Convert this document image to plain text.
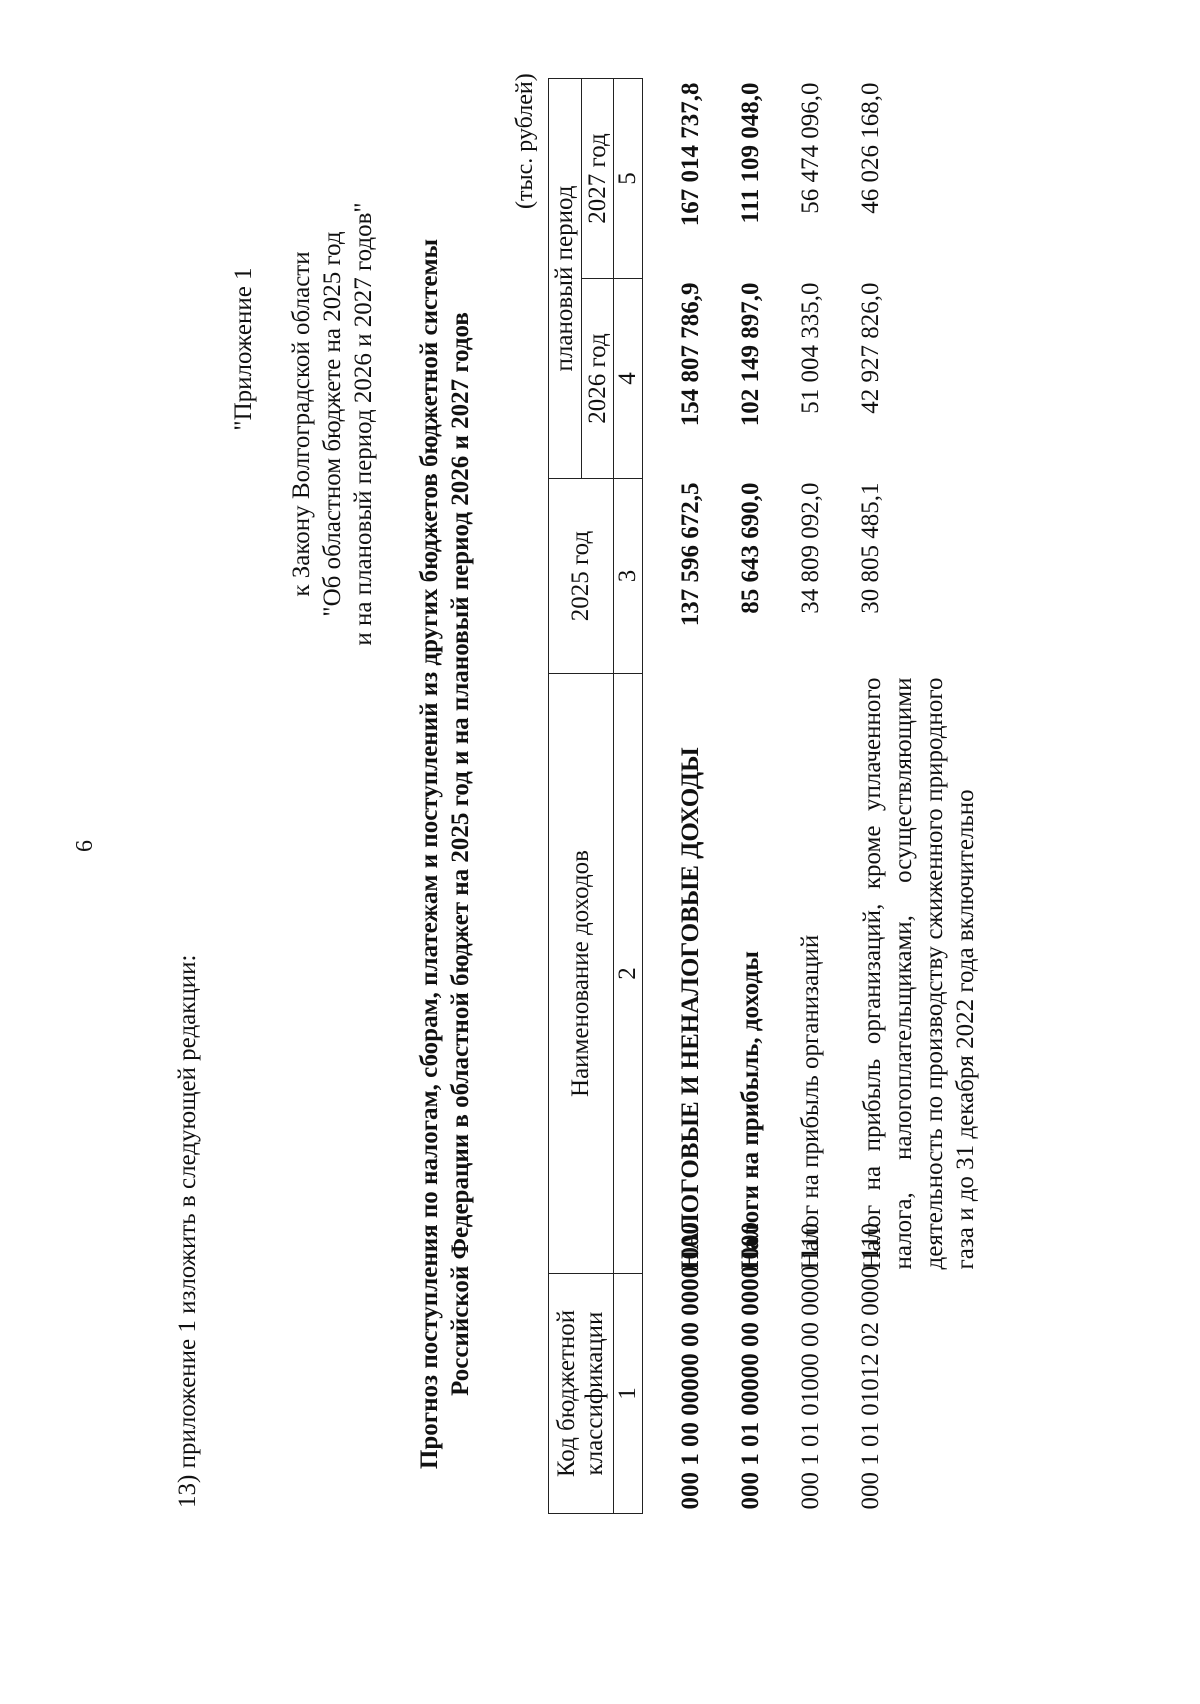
6
13) приложение 1 изложить в следующей редакции:
"Приложение 1 к Закону Волгоградской области "Об областном бюджете на 2025 год и на плановый период 2026 и 2027 годов" Прогноз поступления по налогам, сборам, платежам и поступлений из других бюджетов бюджетной системы Российской Федерации в областной бюджет на 2025 год и на плановый период 2026 и 2027 годов
(тыс. рублей)
Код бюджетной классификации	Наименование доходов	2025 год	плановый период	
			2026 год	2027 год
1	2	3	4	5

000 1 00 00000 00 0000 000	НАЛОГОВЫЕ И НЕНАЛОГОВЫЕ ДОХОДЫ	137 596 672,5	154 807 786,9	167 014 737,8
000 1 01 00000 00 0000 000	Налоги на прибыль, доходы	85 643 690,0	102 149 897,0	111 109 048,0
000 1 01 01000 00 0000 110	Налог на прибыль организаций	34 809 092,0	51 004 335,0	56 474 096,0
000 1 01 01012 02 0000 110	Налог на прибыль организаций, кроме уплаченного налога, налогоплательщиками, осуществляющими деятельность по производству сжиженного природного газа и до 31 декабря 2022 года включительно	30 805 485,1	42 927 826,0	46 026 168,0
